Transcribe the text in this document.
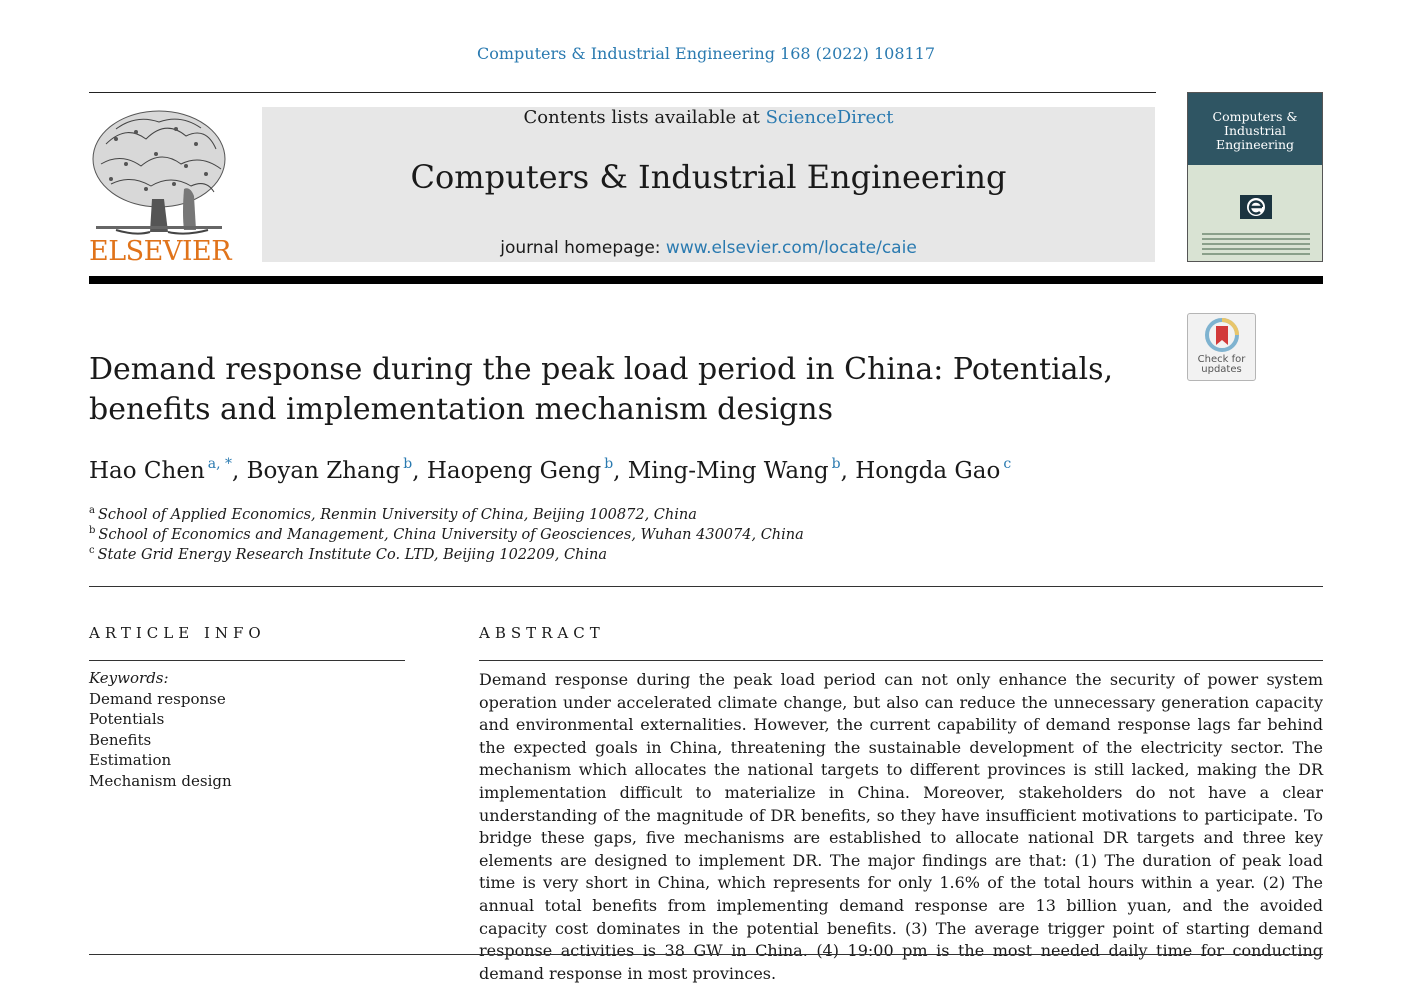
Computers & Industrial Engineering 168 (2022) 108117
ELSEVIER
Contents lists available at ScienceDirect
Computers & Industrial Engineering
journal homepage: www.elsevier.com/locate/caie
Computers &
Industrial
Engineering
Check for
updates
Demand response during the peak load period in China: Potentials, benefits and implementation mechanism designs
Hao Chen $^{a, *}$, Boyan Zhang $^b$, Haopeng Geng $^b$, Ming-Ming Wang $^b$, Hongda Gao $^c$
$^a$ School of Applied Economics, Renmin University of China, Beijing 100872, China
$^b$ School of Economics and Management, China University of Geosciences, Wuhan 430074, China
$^c$ State Grid Energy Research Institute Co. LTD, Beijing 102209, China
ARTICLE INFO	ABSTRACT
Keywords:
Demand response
Potentials
Benefits
Estimation
Mechanism design

Demand response during the peak load period can not only enhance the security of power system operation under accelerated climate change, but also can reduce the unnecessary generation capacity and environmental externalities. However, the current capability of demand response lags far behind the expected goals in China, threatening the sustainable development of the electricity sector. The mechanism which allocates the national targets to different provinces is still lacked, making the DR implementation difficult to materialize in China. Moreover, stakeholders do not have a clear understanding of the magnitude of DR benefits, so they have insufficient motivations to participate. To bridge these gaps, five mechanisms are established to allocate national DR targets and three key elements are designed to implement DR. The major findings are that: (1) The duration of peak load time is very short in China, which represents for only 1.6% of the total hours within a year. (2) The annual total benefits from implementing demand response are 13 billion yuan, and the avoided capacity cost dominates in the potential benefits. (3) The average trigger point of starting demand response activities is 38 GW in China. (4) 19:00 pm is the most needed daily time for conducting demand response in most provinces.
